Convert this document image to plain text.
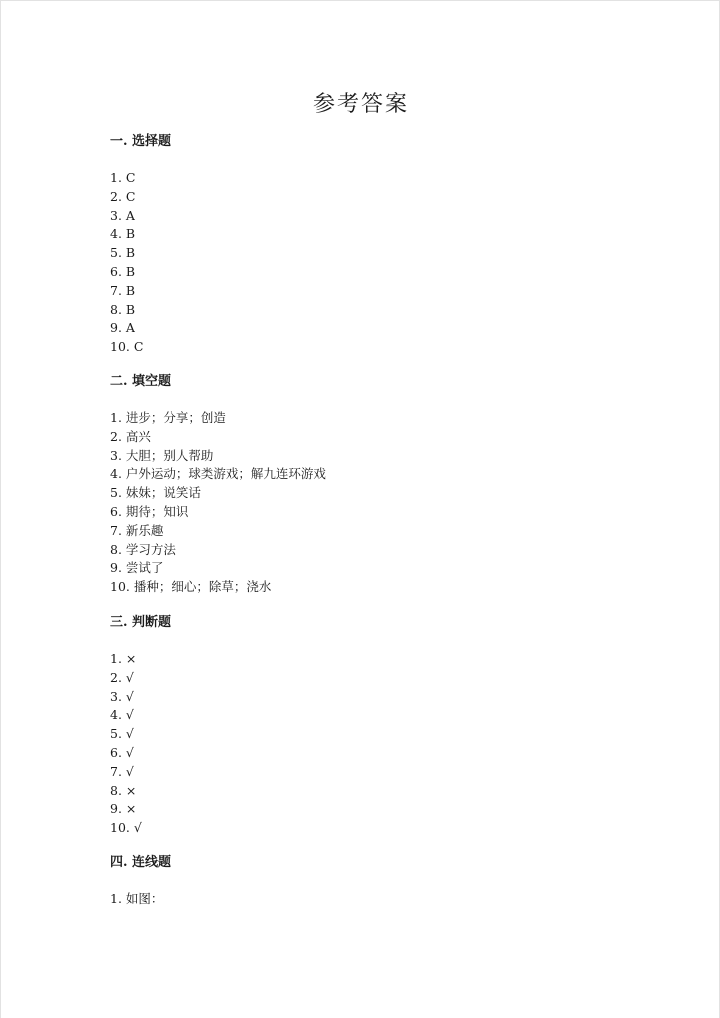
参考答案
一. 选择题
1. C
2. C
3. A
4. B
5. B
6. B
7. B
8. B
9. A
10. C
二. 填空题
1. 进步；分享；创造
2. 高兴
3. 大胆；别人帮助
4. 户外运动；球类游戏；解九连环游戏
5. 妹妹；说笑话
6. 期待；知识
7. 新乐趣
8. 学习方法
9. 尝试了
10. 播种；细心；除草；浇水
三. 判断题
1. ×
2. √
3. √
4. √
5. √
6. √
7. √
8. ×
9. ×
10. √
四. 连线题
1. 如图：
